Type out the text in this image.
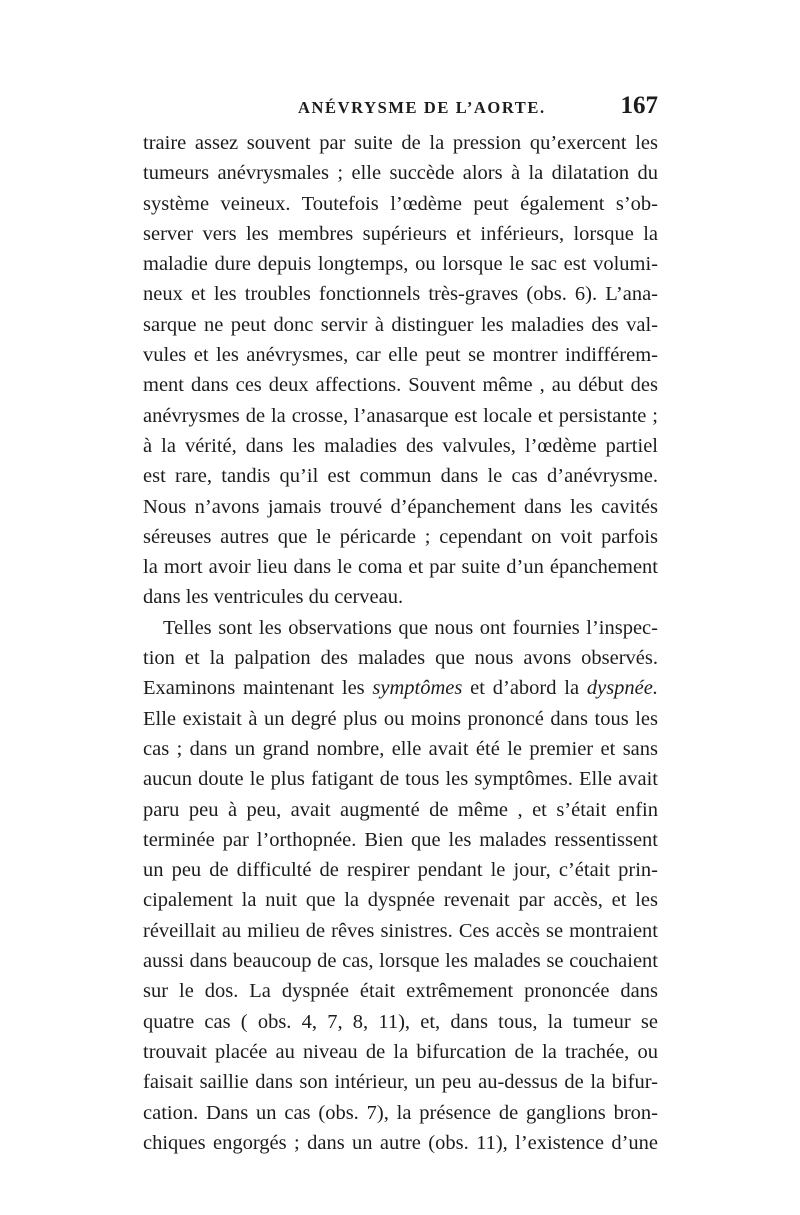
ANÉVRYSME DE L’AORTE.	167
traire assez souvent par suite de la pression qu’exercent les
tumeurs anévrysmales ; elle succède alors à la dilatation du
système veineux. Toutefois l’œdème peut également s’ob-
server vers les membres supérieurs et inférieurs, lorsque la
maladie dure depuis longtemps, ou lorsque le sac est volumi-
neux et les troubles fonctionnels très-graves (obs. 6). L’ana-
sarque ne peut donc servir à distinguer les maladies des val-
vules et les anévrysmes, car elle peut se montrer indifférem-
ment dans ces deux affections. Souvent même , au début des
anévrysmes de la crosse, l’anasarque est locale et persistante ;
à la vérité, dans les maladies des valvules, l’œdème partiel
est rare, tandis qu’il est commun dans le cas d’anévrysme.
Nous n’avons jamais trouvé d’épanchement dans les cavités
séreuses autres que le péricarde ; cependant on voit parfois
la mort avoir lieu dans le coma et par suite d’un épanchement
dans les ventricules du cerveau.
Telles sont les observations que nous ont fournies l’inspec-
tion et la palpation des malades que nous avons observés.
Examinons maintenant les symptômes et d’abord la dyspnée.
Elle existait à un degré plus ou moins prononcé dans tous les
cas ; dans un grand nombre, elle avait été le premier et sans
aucun doute le plus fatigant de tous les symptômes. Elle avait
paru peu à peu, avait augmenté de même , et s’était enfin
terminée par l’orthopnée. Bien que les malades ressentissent
un peu de difficulté de respirer pendant le jour, c’était prin-
cipalement la nuit que la dyspnée revenait par accès, et les
réveillait au milieu de rêves sinistres. Ces accès se montraient
aussi dans beaucoup de cas, lorsque les malades se couchaient
sur le dos. La dyspnée était extrêmement prononcée dans
quatre cas ( obs. 4, 7, 8, 11), et, dans tous, la tumeur se
trouvait placée au niveau de la bifurcation de la trachée, ou
faisait saillie dans son intérieur, un peu au-dessus de la bifur-
cation. Dans un cas (obs. 7), la présence de ganglions bron-
chiques engorgés ; dans un autre (obs. 11), l’existence d’une
